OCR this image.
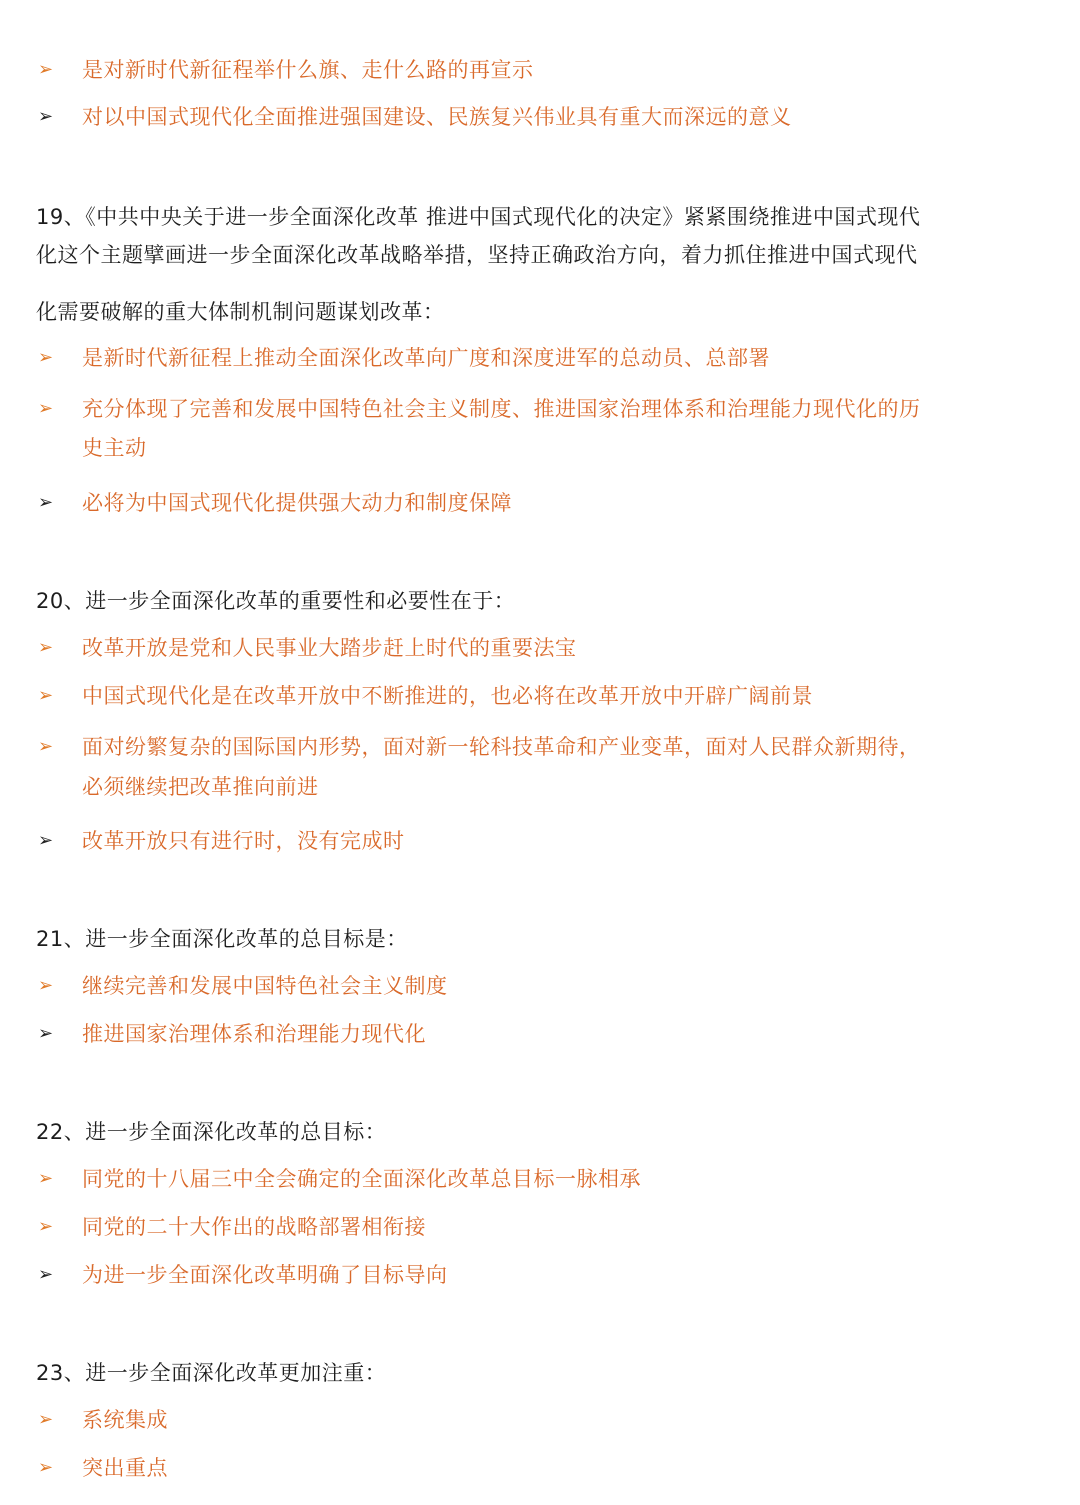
➢	是对新时代新征程举什么旗、走什么路的再宣示
➢	对以中国式现代化全面推进强国建设、民族复兴伟业具有重大而深远的意义
19、《中共中央关于进一步全面深化改革 推进中国式现代化的决定》紧紧围绕推进中国式现代
化这个主题擘画进一步全面深化改革战略举措，坚持正确政治方向，着力抓住推进中国式现代
化需要破解的重大体制机制问题谋划改革：
➢	是新时代新征程上推动全面深化改革向广度和深度进军的总动员、总部署
➢	充分体现了完善和发展中国特色社会主义制度、推进国家治理体系和治理能力现代化的历
史主动
➢	必将为中国式现代化提供强大动力和制度保障
20、进一步全面深化改革的重要性和必要性在于：
➢	改革开放是党和人民事业大踏步赶上时代的重要法宝
➢	中国式现代化是在改革开放中不断推进的，也必将在改革开放中开辟广阔前景
➢	面对纷繁复杂的国际国内形势，面对新一轮科技革命和产业变革，面对人民群众新期待，
必须继续把改革推向前进
➢	改革开放只有进行时，没有完成时
21、进一步全面深化改革的总目标是：
➢	继续完善和发展中国特色社会主义制度
➢	推进国家治理体系和治理能力现代化
22、进一步全面深化改革的总目标：
➢	同党的十八届三中全会确定的全面深化改革总目标一脉相承
➢	同党的二十大作出的战略部署相衔接
➢	为进一步全面深化改革明确了目标导向
23、进一步全面深化改革更加注重：
➢	系统集成
➢	突出重点
